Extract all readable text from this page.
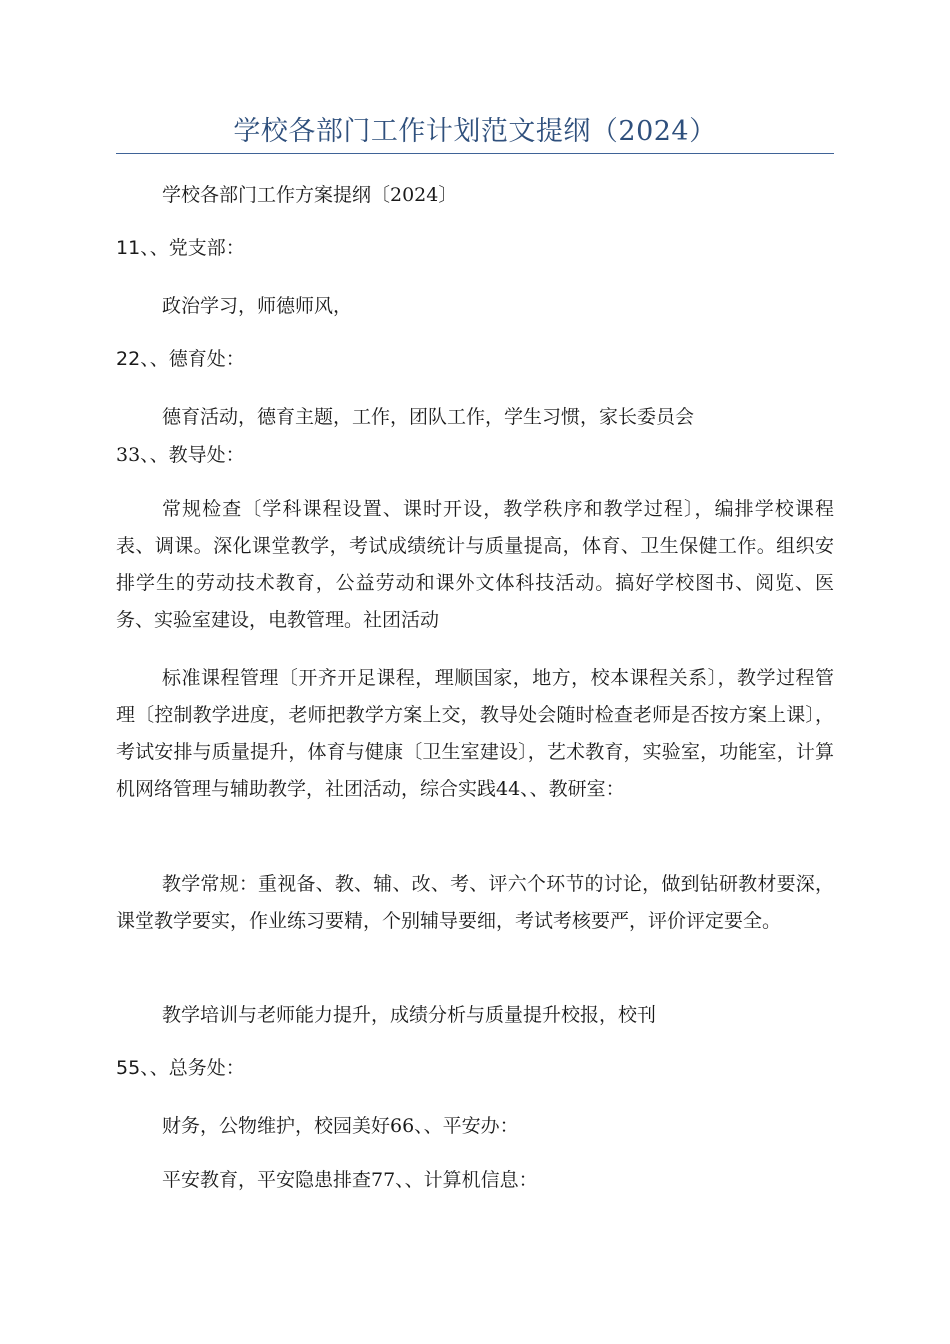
学校各部门工作计划范文提纲（2024）

学校各部门工作方案提纲〔2024〕

11、、党支部：

政治学习，师德师风，

22、、德育处：

德育活动，德育主题，工作，团队工作，学生习惯，家长委员会

33、、教导处：

常规检查〔学科课程设置、课时开设，教学秩序和教学过程〕，编排学校课程表、调课。深化课堂教学，考试成绩统计与质量提高，体育、卫生保健工作。组织安排学生的劳动技术教育，公益劳动和课外文体科技活动。搞好学校图书、阅览、医务、实验室建设，电教管理。社团活动

标准课程管理〔开齐开足课程，理顺国家，地方，校本课程关系〕，教学过程管理〔控制教学进度，老师把教学方案上交，教导处会随时检查老师是否按方案上课〕，考试安排与质量提升，体育与健康〔卫生室建设〕，艺术教育，实验室，功能室，计算机网络管理与辅助教学，社团活动，综合实践44、、教研室：

教学常规：重视备、教、辅、改、考、评六个环节的讨论，做到钻研教材要深，课堂教学要实，作业练习要精，个别辅导要细，考试考核要严，评价评定要全。

教学培训与老师能力提升，成绩分析与质量提升校报，校刊

55、、总务处：

财务，公物维护，校园美好66、、平安办：

平安教育，平安隐患排查77、、计算机信息：
